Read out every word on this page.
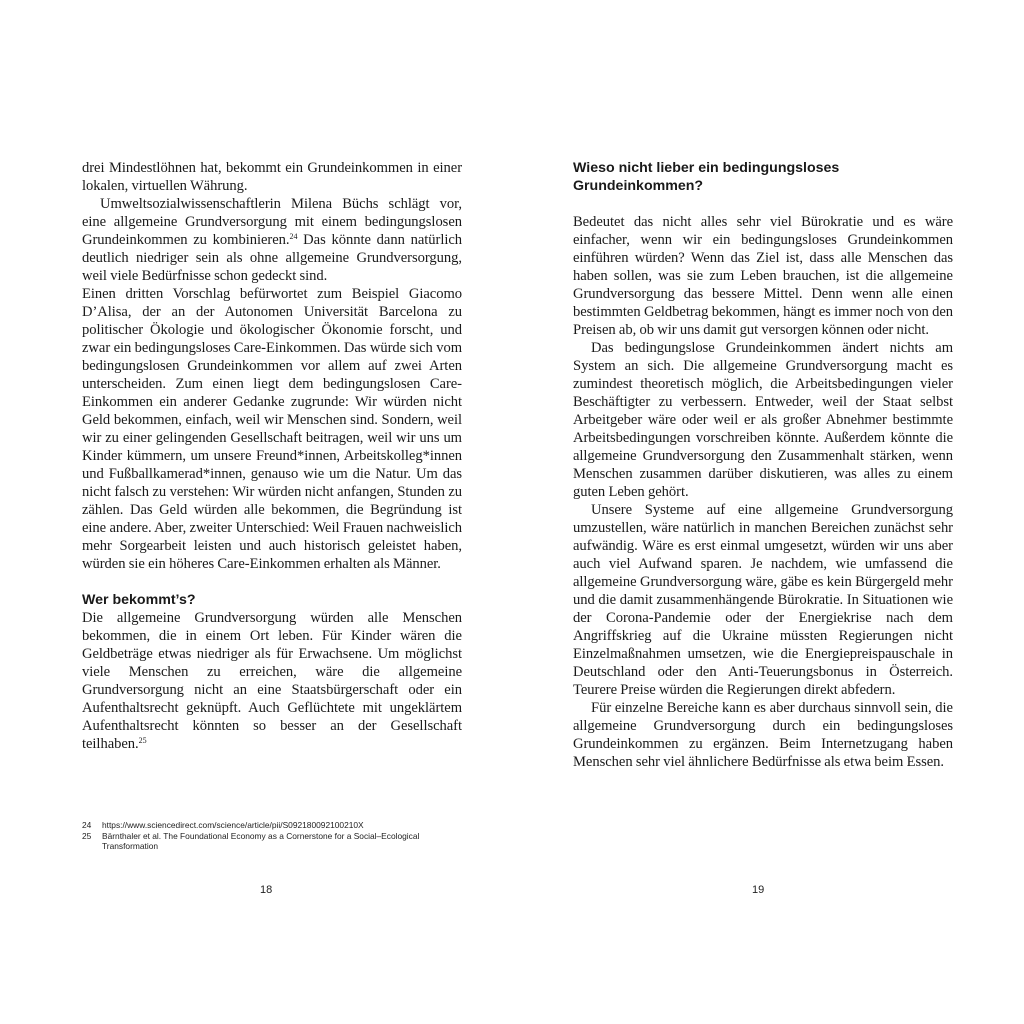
drei Mindestlöhnen hat, bekommt ein Grundeinkommen in einer lokalen, virtuellen Währung.

Umweltsozialwissenschaftlerin Milena Büchs schlägt vor, eine allgemeine Grundversorgung mit einem bedingungslosen Grundeinkommen zu kombinieren.$^{24}$ Das könnte dann natürlich deutlich niedriger sein als ohne allgemeine Grundversorgung, weil viele Bedürfnisse schon gedeckt sind.

Einen dritten Vorschlag befürwortet zum Beispiel Giacomo D’Alisa, der an der Autonomen Universität Barcelona zu politischer Ökologie und ökologischer Ökonomie forscht, und zwar ein bedingungsloses Care-Einkommen. Das würde sich vom bedingungslosen Grundeinkommen vor allem auf zwei Arten unterscheiden. Zum einen liegt dem bedingungslosen Care-Einkommen ein anderer Gedanke zugrunde: Wir würden nicht Geld bekommen, einfach, weil wir Menschen sind. Sondern, weil wir zu einer gelingenden Gesellschaft beitragen, weil wir uns um Kinder kümmern, um unsere Freund*innen, Arbeitskolleg*innen und Fußballkamerad*innen, genauso wie um die Natur. Um das nicht falsch zu verstehen: Wir würden nicht anfangen, Stunden zu zählen. Das Geld würden alle bekommen, die Begründung ist eine andere. Aber, zweiter Unterschied: Weil Frauen nachweislich mehr Sorgearbeit leisten und auch historisch geleistet haben, würden sie ein höheres Care-Einkommen erhalten als Männer.

Wer bekommt’s?

Die allgemeine Grundversorgung würden alle Menschen bekommen, die in einem Ort leben. Für Kinder wären die Geldbeträge etwas niedriger als für Erwachsene. Um möglichst viele Menschen zu erreichen, wäre die allgemeine Grundversorgung nicht an eine Staatsbürgerschaft oder ein Aufenthaltsrecht geknüpft. Auch Geflüchtete mit ungeklärtem Aufenthaltsrecht könnten so besser an der Gesellschaft teilhaben.$^{25}$

24	https://www.sciencedirect.com/science/article/pii/S092180092100210X
25	Bärnthaler et al. The Foundational Economy as a Cornerstone for a Social–Ecological Transformation
18
Wieso nicht lieber ein bedingungsloses Grundeinkommen?

Bedeutet das nicht alles sehr viel Bürokratie und es wäre einfacher, wenn wir ein bedingungsloses Grundeinkommen einführen würden? Wenn das Ziel ist, dass alle Menschen das haben sollen, was sie zum Leben brauchen, ist die allgemeine Grundversorgung das bessere Mittel. Denn wenn alle einen bestimmten Geldbetrag bekommen, hängt es immer noch von den Preisen ab, ob wir uns damit gut versorgen können oder nicht.

Das bedingungslose Grundeinkommen ändert nichts am System an sich. Die allgemeine Grundversorgung macht es zumindest theoretisch möglich, die Arbeitsbedingungen vieler Beschäftigter zu verbessern. Entweder, weil der Staat selbst Arbeitgeber wäre oder weil er als großer Abnehmer bestimmte Arbeitsbedingungen vorschreiben könnte. Außerdem könnte die allgemeine Grundversorgung den Zusammenhalt stärken, wenn Menschen zusammen darüber diskutieren, was alles zu einem guten Leben gehört.

Unsere Systeme auf eine allgemeine Grundversorgung umzustellen, wäre natürlich in manchen Bereichen zunächst sehr aufwändig. Wäre es erst einmal umgesetzt, würden wir uns aber auch viel Aufwand sparen. Je nachdem, wie umfassend die allgemeine Grundversorgung wäre, gäbe es kein Bürgergeld mehr und die damit zusammenhängende Bürokratie. In Situationen wie der Corona-Pandemie oder der Energiekrise nach dem Angriffskrieg auf die Ukraine müssten Regierungen nicht Einzelmaßnahmen umsetzen, wie die Energiepreispauschale in Deutschland oder den Anti-Teuerungsbonus in Österreich. Teurere Preise würden die Regierungen direkt abfedern.

Für einzelne Bereiche kann es aber durchaus sinnvoll sein, die allgemeine Grundversorgung durch ein bedingungsloses Grundeinkommen zu ergänzen. Beim Internetzugang haben Menschen sehr viel ähnlichere Bedürfnisse als etwa beim Essen.

19
